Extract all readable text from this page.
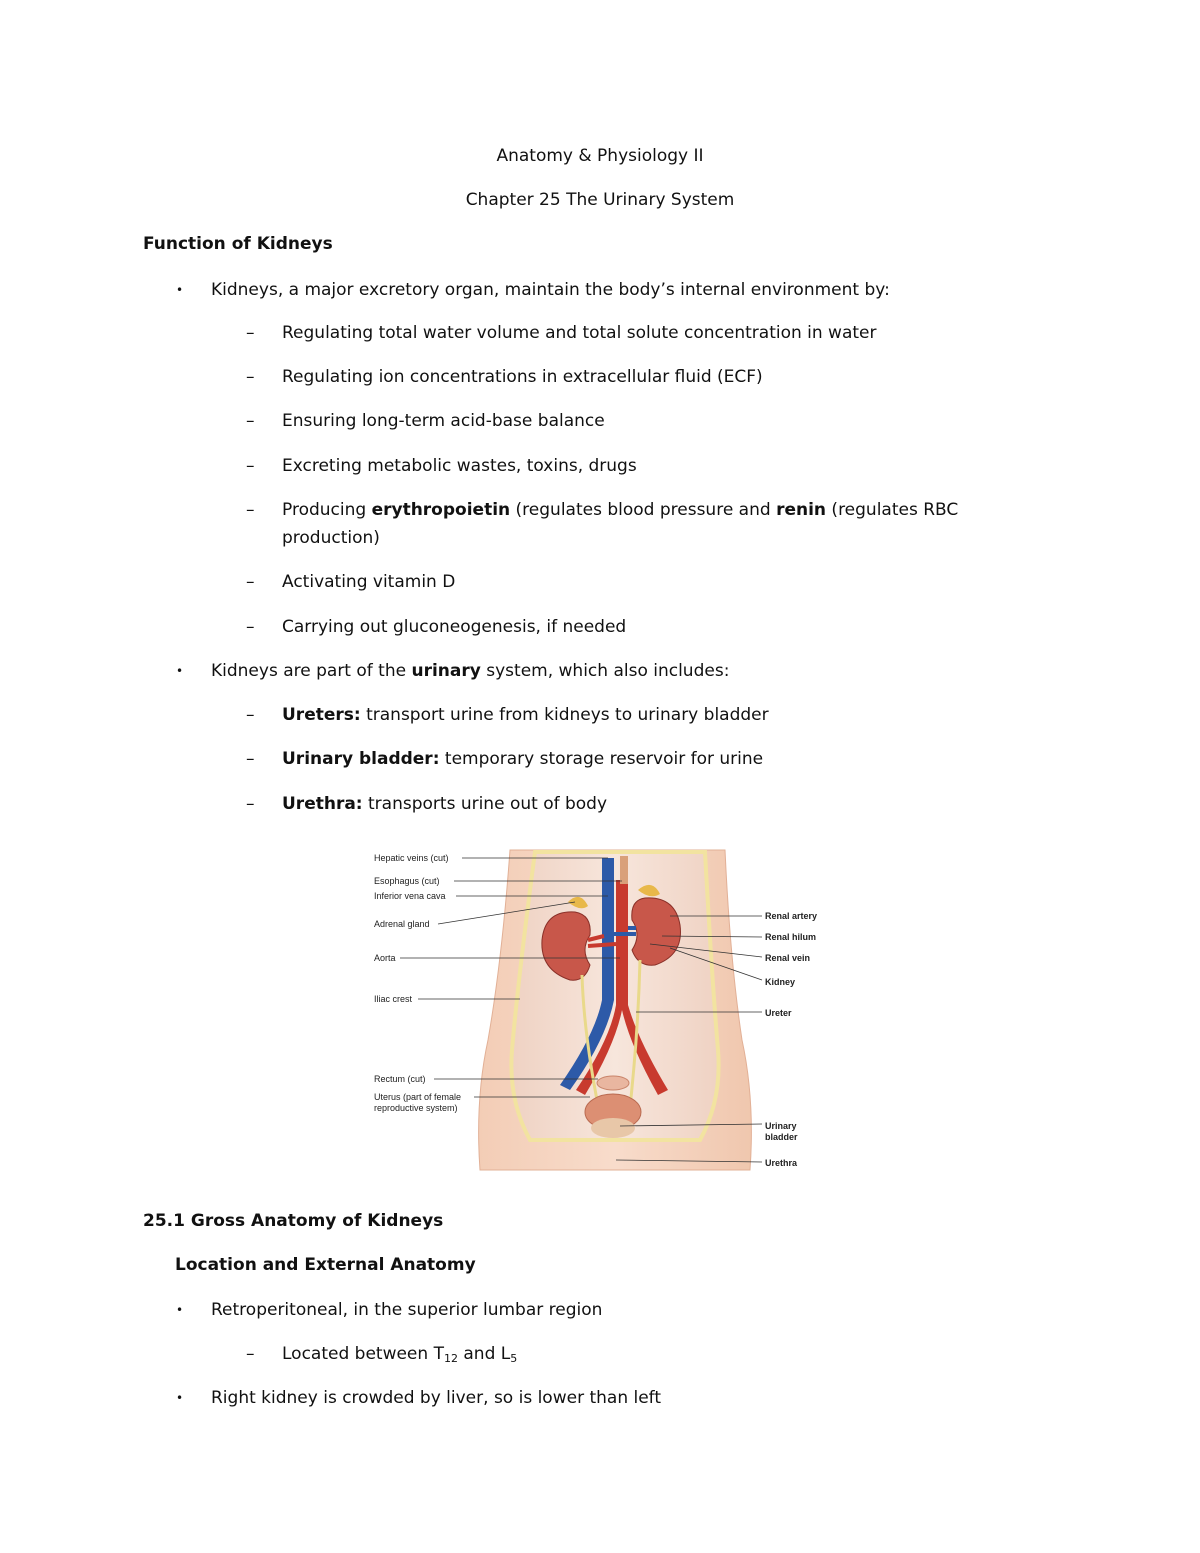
Anatomy & Physiology II
Chapter 25 The Urinary System
Function of Kidneys
• Kidneys, a major excretory organ, maintain the body’s internal environment by:
– Regulating total water volume and total solute concentration in water
– Regulating ion concentrations in extracellular fluid (ECF)
– Ensuring long-term acid-base balance
– Excreting metabolic wastes, toxins, drugs
– Producing erythropoietin (regulates blood pressure and renin (regulates RBC
production)
– Activating vitamin D
– Carrying out gluconeogenesis, if needed
• Kidneys are part of the urinary system, which also includes:
– Ureters: transport urine from kidneys to urinary bladder
– Urinary bladder: temporary storage reservoir for urine
– Urethra: transports urine out of body
Hepatic veins (cut)
Esophagus (cut)
Inferior vena cava
Adrenal gland
Aorta
Iliac crest
Rectum (cut)
Uterus (part of female
reproductive system)
Renal artery
Renal hilum
Renal vein
Kidney
Ureter
Urinary
bladder
Urethra
25.1 Gross Anatomy of Kidneys
Location and External Anatomy
• Retroperitoneal, in the superior lumbar region
– Located between $T_{12}$ and $L_5$
• Right kidney is crowded by liver, so is lower than left
